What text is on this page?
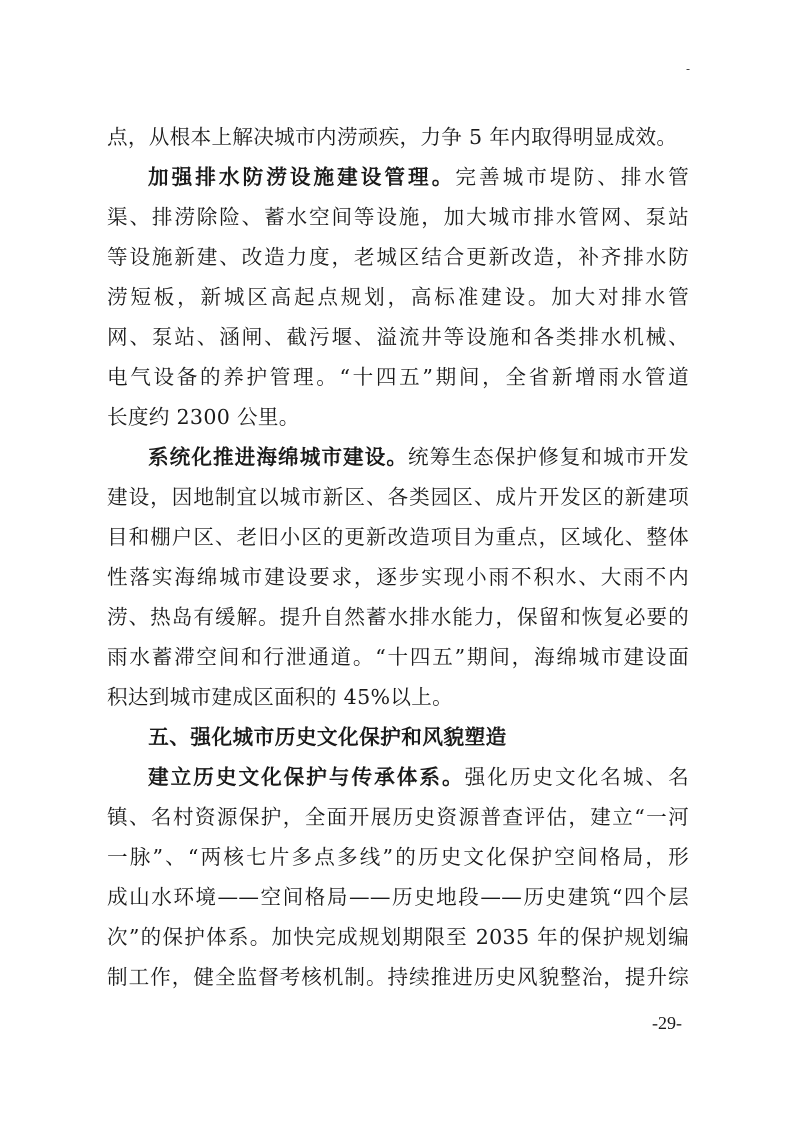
-

点，从根本上解决城市内涝顽疾，力争 5 年内取得明显成效。

加强排水防涝设施建设管理。完善城市堤防、排水管
渠、排涝除险、蓄水空间等设施，加大城市排水管网、泵站
等设施新建、改造力度，老城区结合更新改造，补齐排水防
涝短板，新城区高起点规划，高标准建设。加大对排水管
网、泵站、涵闸、截污堰、溢流井等设施和各类排水机械、
电气设备的养护管理。“十四五”期间，全省新增雨水管道
长度约 2300 公里。

系统化推进海绵城市建设。统筹生态保护修复和城市开发
建设，因地制宜以城市新区、各类园区、成片开发区的新建项
目和棚户区、老旧小区的更新改造项目为重点，区域化、整体
性落实海绵城市建设要求，逐步实现小雨不积水、大雨不内
涝、热岛有缓解。提升自然蓄水排水能力，保留和恢复必要的
雨水蓄滞空间和行泄通道。“十四五”期间，海绵城市建设面
积达到城市建成区面积的 45%以上。

五、强化城市历史文化保护和风貌塑造

建立历史文化保护与传承体系。强化历史文化名城、名
镇、名村资源保护，全面开展历史资源普查评估，建立“一河
一脉”、“两核七片多点多线”的历史文化保护空间格局，形
成山水环境——空间格局——历史地段——历史建筑“四个层
次”的保护体系。加快完成规划期限至 2035 年的保护规划编
制工作，健全监督考核机制。持续推进历史风貌整治，提升综

-29-
